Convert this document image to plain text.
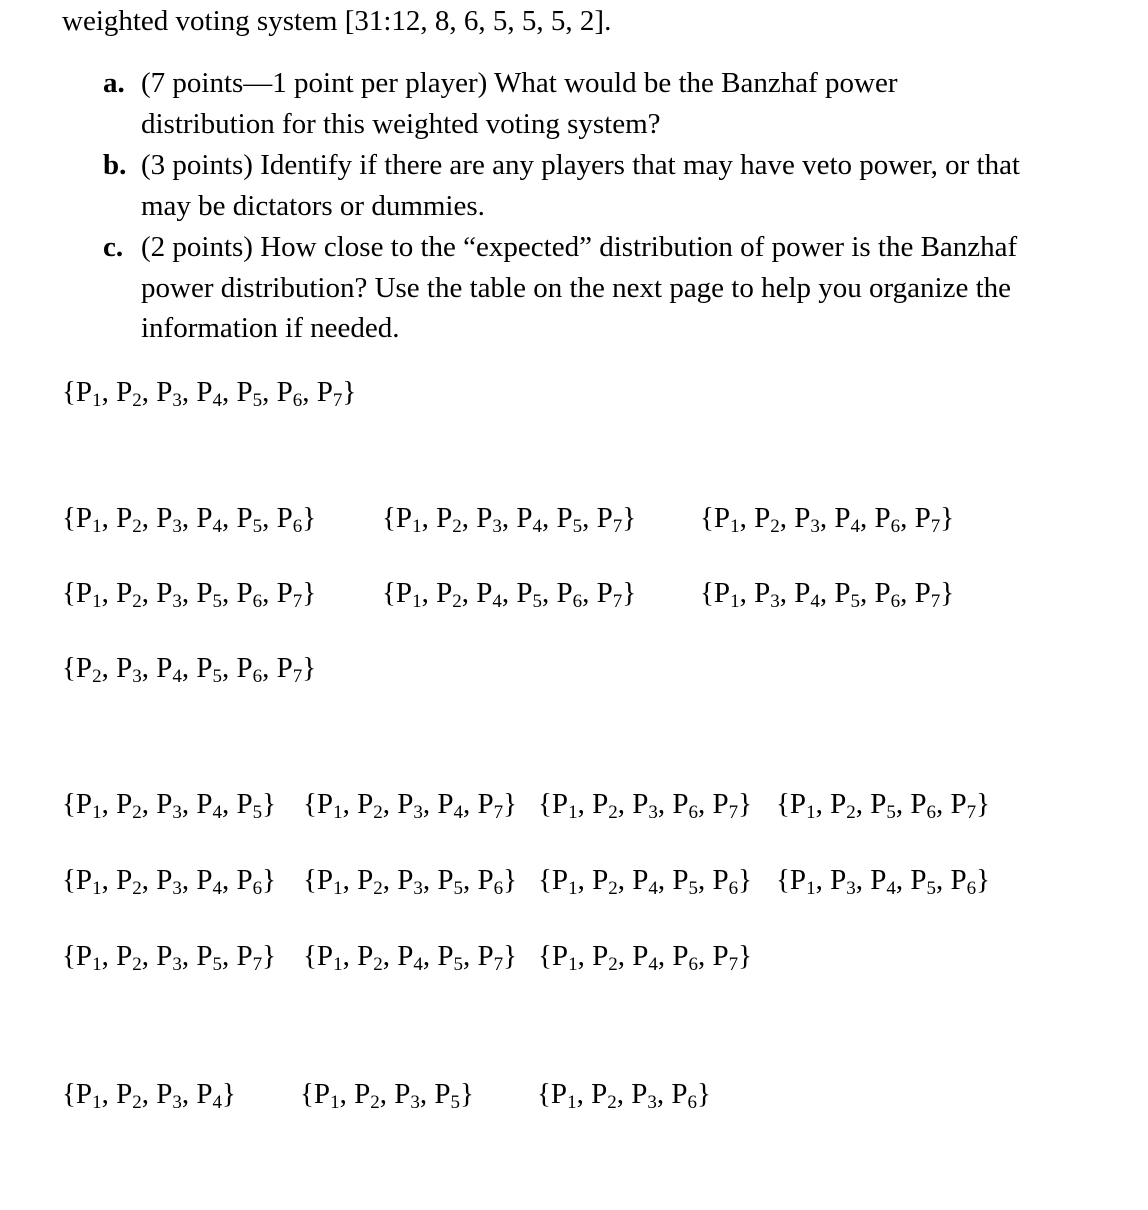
weighted voting system [31:12, 8, 6, 5, 5, 5, 2].
a. (7 points—1 point per player) What would be the Banzhaf power distribution for this weighted voting system?
b. (3 points) Identify if there are any players that may have veto power, or that may be dictators or dummies.
c. (2 points) How close to the “expected” distribution of power is the Banzhaf power distribution? Use the table on the next page to help you organize the information if needed.
{$P_1$, $P_2$, $P_3$, $P_4$, $P_5$, $P_6$, $P_7$}
{$P_1$, $P_2$, $P_3$, $P_4$, $P_5$, $P_6$} {$P_1$, $P_2$, $P_3$, $P_4$, $P_5$, $P_7$} {$P_1$, $P_2$, $P_3$, $P_4$, $P_6$, $P_7$}
{$P_1$, $P_2$, $P_3$, $P_5$, $P_6$, $P_7$} {$P_1$, $P_2$, $P_4$, $P_5$, $P_6$, $P_7$} {$P_1$, $P_3$, $P_4$, $P_5$, $P_6$, $P_7$}
{$P_2$, $P_3$, $P_4$, $P_5$, $P_6$, $P_7$}
{$P_1$, $P_2$, $P_3$, $P_4$, $P_5$} {$P_1$, $P_2$, $P_3$, $P_4$, $P_7$} {$P_1$, $P_2$, $P_3$, $P_6$, $P_7$} {$P_1$, $P_2$, $P_5$, $P_6$, $P_7$}
{$P_1$, $P_2$, $P_3$, $P_4$, $P_6$} {$P_1$, $P_2$, $P_3$, $P_5$, $P_6$} {$P_1$, $P_2$, $P_4$, $P_5$, $P_6$} {$P_1$, $P_3$, $P_4$, $P_5$, $P_6$}
{$P_1$, $P_2$, $P_3$, $P_5$, $P_7$} {$P_1$, $P_2$, $P_4$, $P_5$, $P_7$} {$P_1$, $P_2$, $P_4$, $P_6$, $P_7$}
{$P_1$, $P_2$, $P_3$, $P_4$} {$P_1$, $P_2$, $P_3$, $P_5$} {$P_1$, $P_2$, $P_3$, $P_6$}
